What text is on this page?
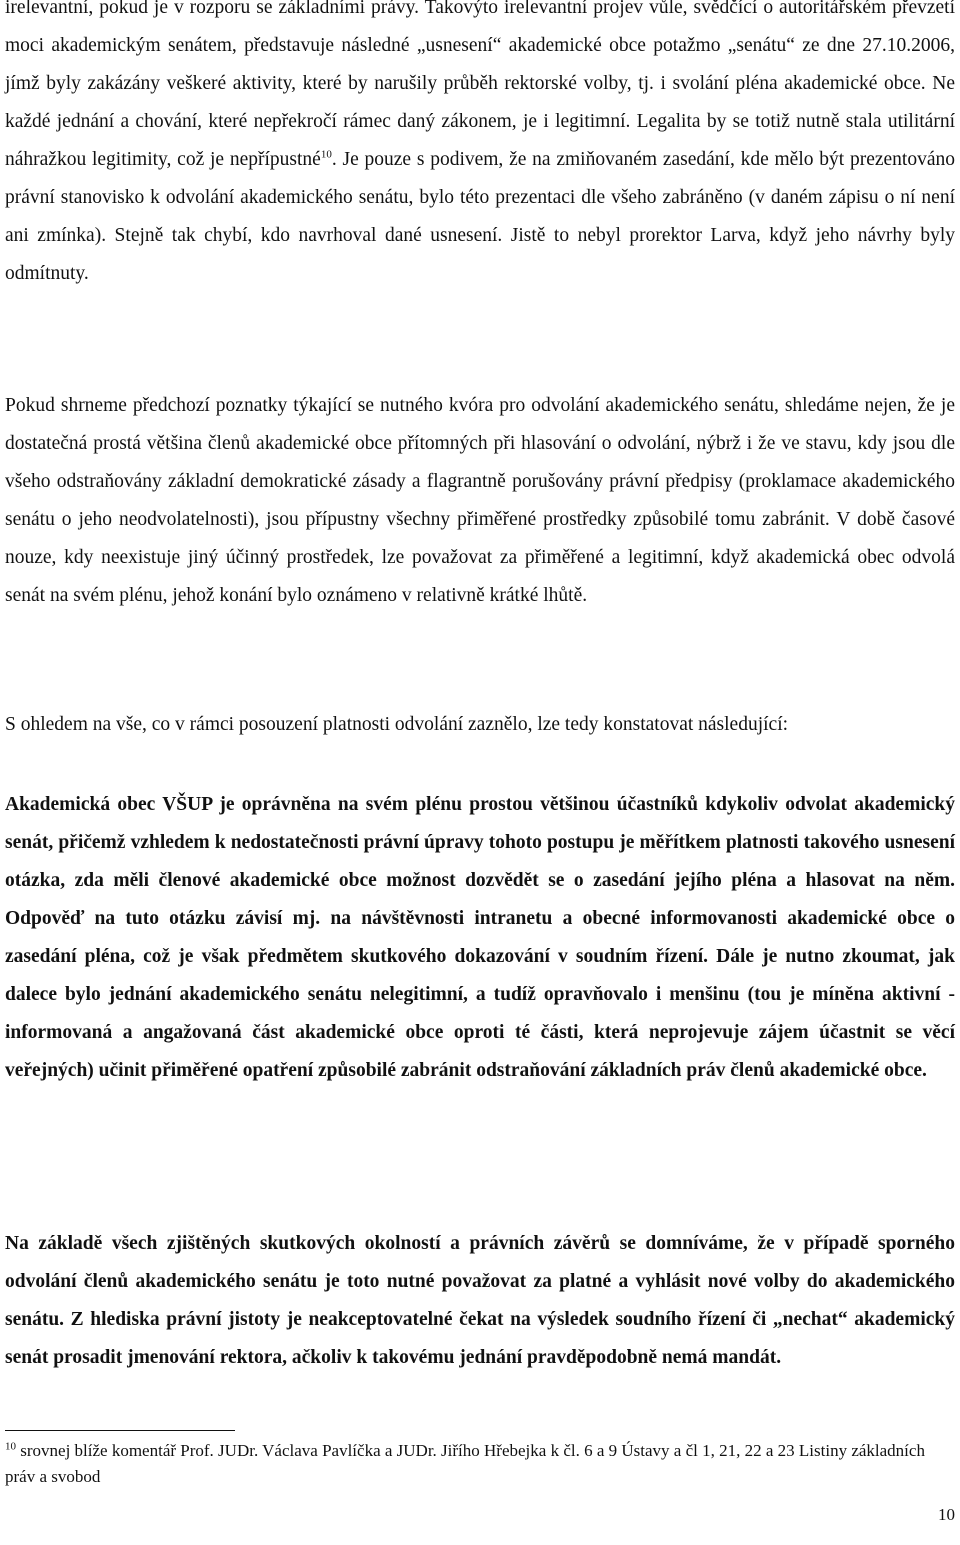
irelevantní, pokud je v rozporu se základními právy. Takovýto irelevantní projev vůle, svědčící o autoritářském převzetí moci akademickým senátem, představuje následné „usnesení“ akademické obce potažmo „senátu“ ze dne 27.10.2006, jímž byly zakázány veškeré aktivity, které by narušily průběh rektorské volby, tj. i svolání pléna akademické obce. Ne každé jednání a chování, které nepřekročí rámec daný zákonem, je i legitimní. Legalita by se totiž nutně stala utilitární náhražkou legitimity, což je nepřípustné$^{10}$. Je pouze s podivem, že na zmiňovaném zasedání, kde mělo být prezentováno právní stanovisko k odvolání akademického senátu, bylo této prezentaci dle všeho zabráněno (v daném zápisu o ní není ani zmínka). Stejně tak chybí, kdo navrhoval dané usnesení. Jistě to nebyl prorektor Larva, když jeho návrhy byly odmítnuty.

Pokud shrneme předchozí poznatky týkající se nutného kvóra pro odvolání akademického senátu, shledáme nejen, že je dostatečná prostá většina členů akademické obce přítomných při hlasování o odvolání, nýbrž i že ve stavu, kdy jsou dle všeho odstraňovány základní demokratické zásady a flagrantně porušovány právní předpisy (proklamace akademického senátu o jeho neodvolatelnosti), jsou přípustny všechny přiměřené prostředky způsobilé tomu zabránit. V době časové nouze, kdy neexistuje jiný účinný prostředek, lze považovat za přiměřené a legitimní, když akademická obec odvolá senát na svém plénu, jehož konání bylo oznámeno v relativně krátké lhůtě.

S ohledem na vše, co v rámci posouzení platnosti odvolání zaznělo, lze tedy konstatovat následující:

Akademická obec VŠUP je oprávněna na svém plénu prostou většinou účastníků kdykoliv odvolat akademický senát, přičemž vzhledem k nedostatečnosti právní úpravy tohoto postupu je měřítkem platnosti takového usnesení otázka, zda měli členové akademické obce možnost dozvědět se o zasedání jejího pléna a hlasovat na něm. Odpověď na tuto otázku závisí mj. na návštěvnosti intranetu a obecné informovanosti akademické obce o zasedání pléna, což je však předmětem skutkového dokazování v soudním řízení. Dále je nutno zkoumat, jak dalece bylo jednání akademického senátu nelegitimní, a tudíž opravňovalo i menšinu (tou je míněna aktivní - informovaná a angažovaná část akademické obce oproti té části, která neprojevuje zájem účastnit se věcí veřejných) učinit přiměřené opatření způsobilé zabránit odstraňování základních práv členů akademické obce.

Na základě všech zjištěných skutkových okolností a právních závěrů se domníváme, že v případě sporného odvolání členů akademického senátu je toto nutné považovat za platné a vyhlásit nové volby do akademického senátu. Z hlediska právní jistoty je neakceptovatelné čekat na výsledek soudního řízení či „nechat“ akademický senát prosadit jmenování rektora, ačkoliv k takovému jednání pravděpodobně nemá mandát.

$^{10}$ srovnej blíže komentář Prof. JUDr. Václava Pavlíčka a JUDr. Jiřího Hřebejka k čl. 6 a 9 Ústavy a čl 1, 21, 22 a 23 Listiny základních práv a svobod

10
